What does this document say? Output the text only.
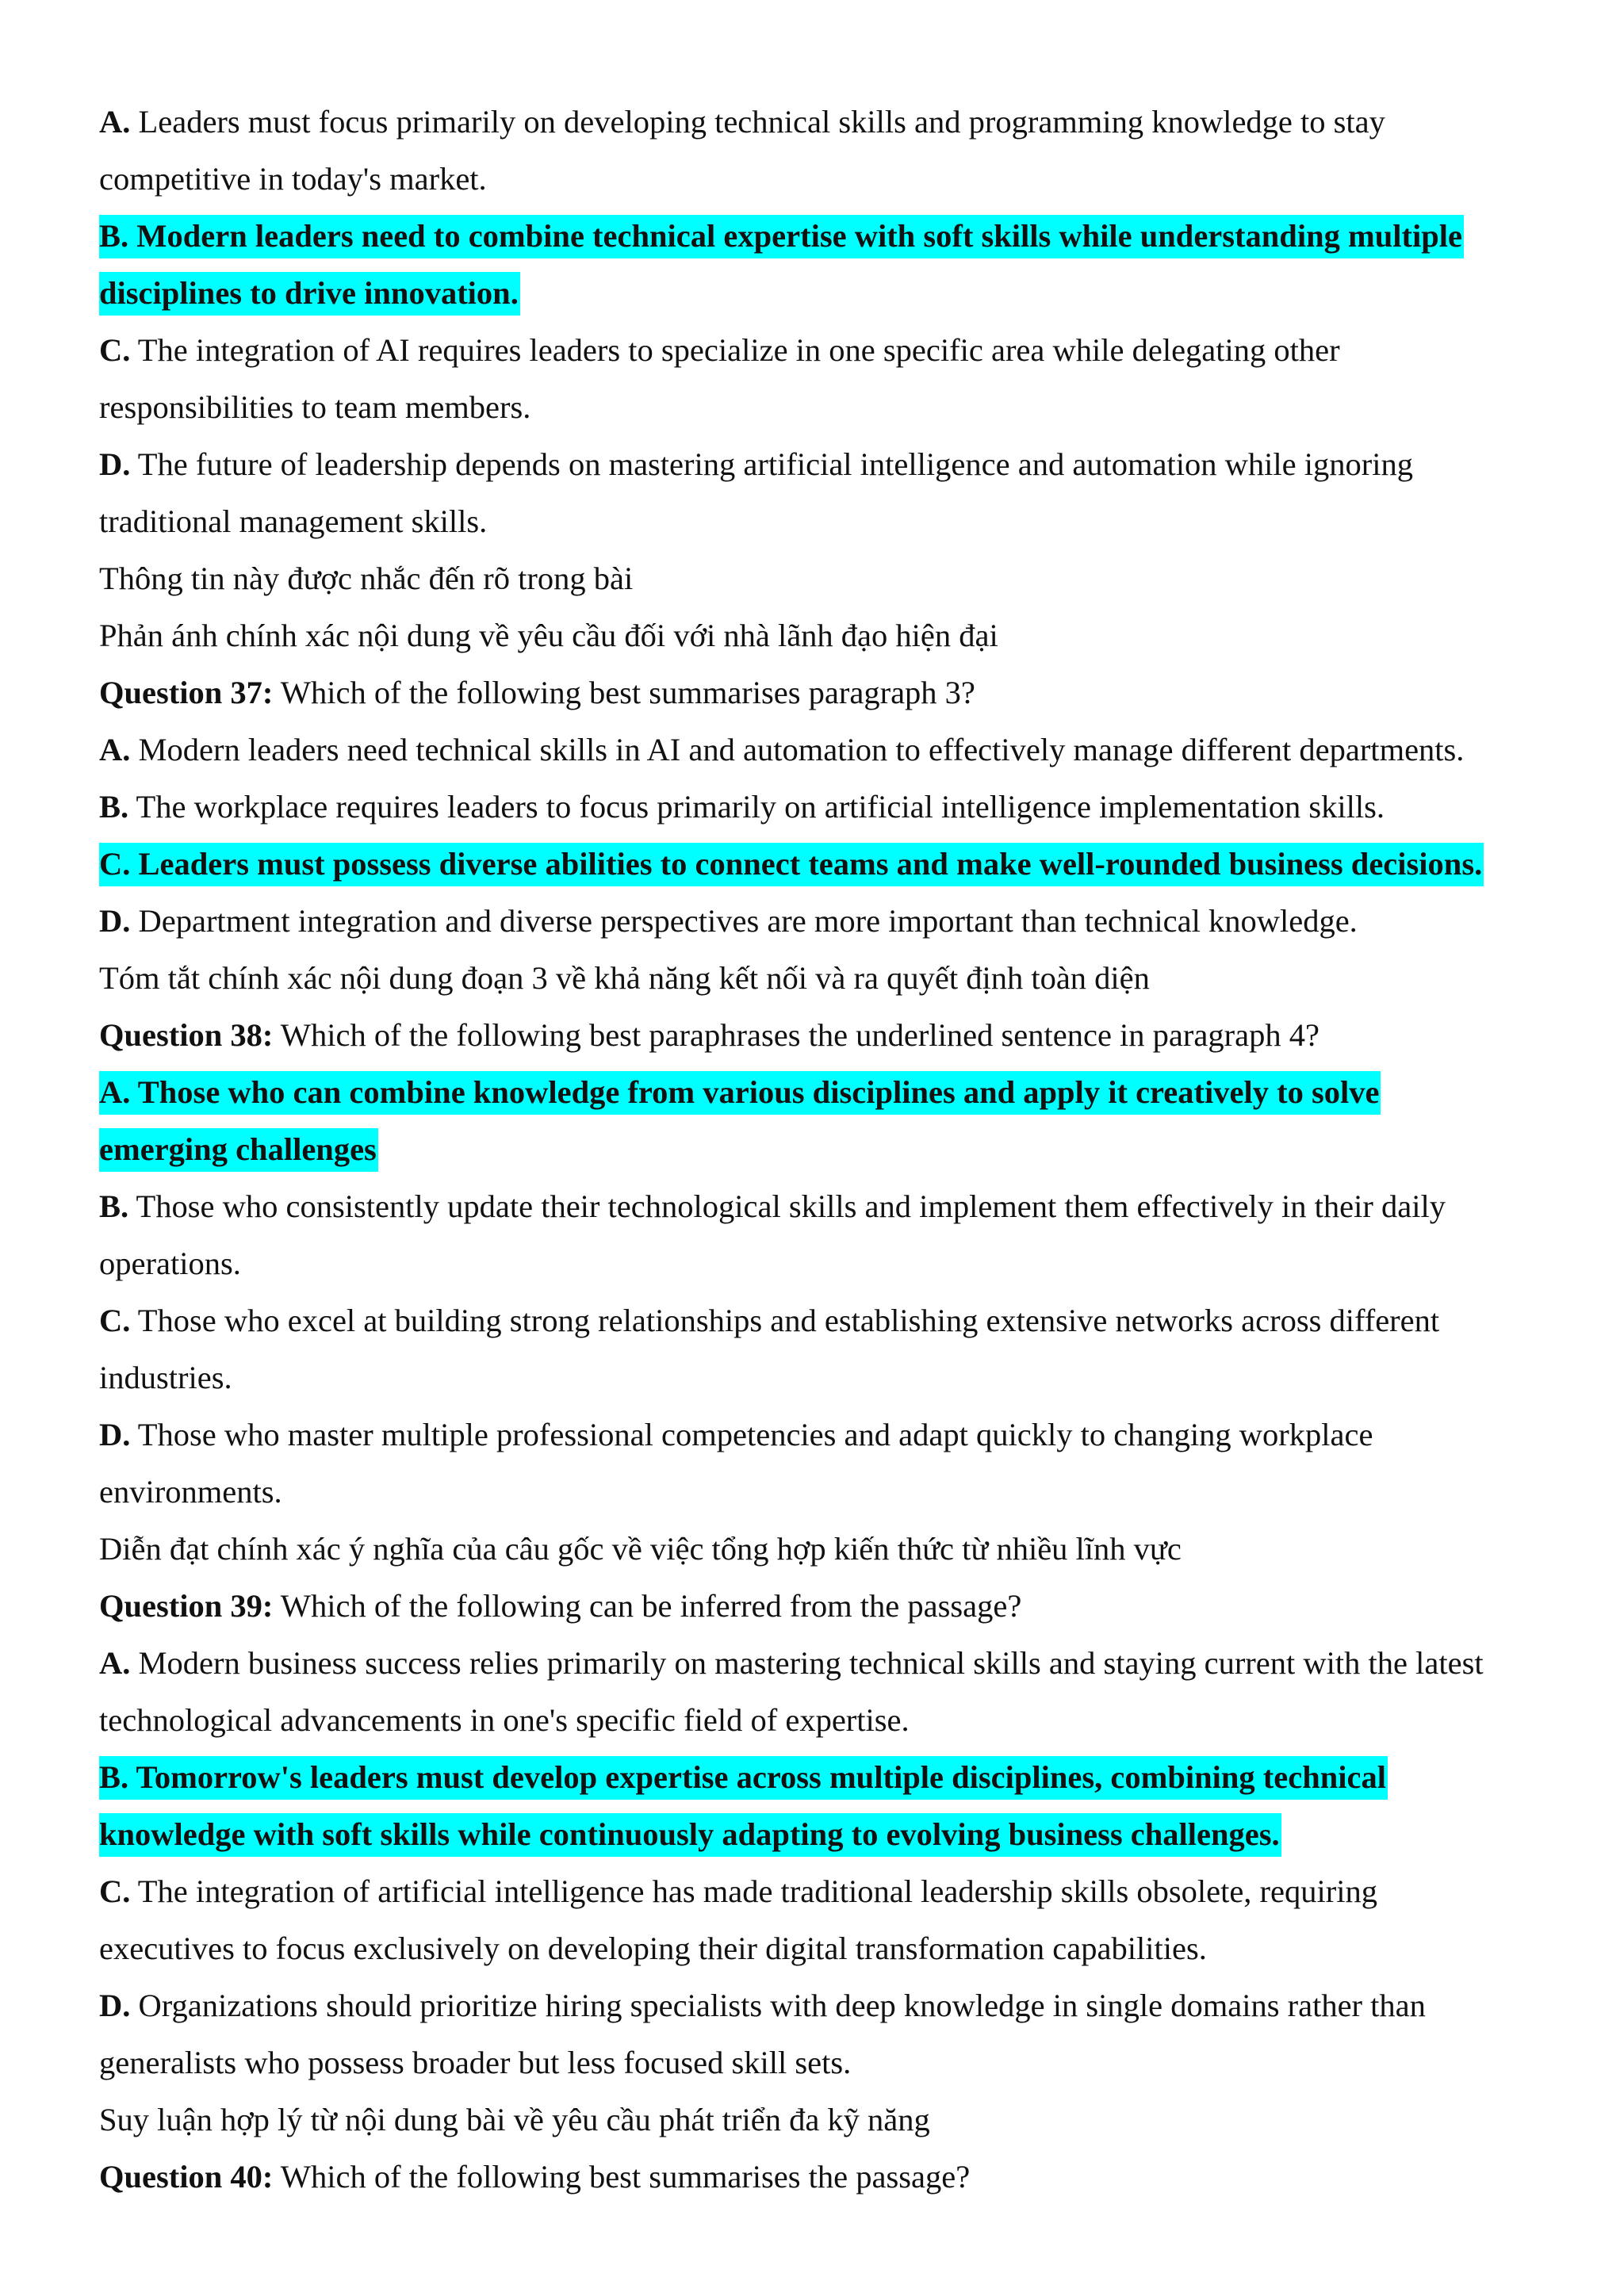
A. Leaders must focus primarily on developing technical skills and programming knowledge to stay
competitive in today's market.
B. Modern leaders need to combine technical expertise with soft skills while understanding multiple
disciplines to drive innovation.
C. The integration of AI requires leaders to specialize in one specific area while delegating other
responsibilities to team members.
D. The future of leadership depends on mastering artificial intelligence and automation while ignoring
traditional management skills.
Thông tin này được nhắc đến rõ trong bài
Phản ánh chính xác nội dung về yêu cầu đối với nhà lãnh đạo hiện đại
Question 37: Which of the following best summarises paragraph 3?
A. Modern leaders need technical skills in AI and automation to effectively manage different departments.
B. The workplace requires leaders to focus primarily on artificial intelligence implementation skills.
C. Leaders must possess diverse abilities to connect teams and make well-rounded business decisions.
D. Department integration and diverse perspectives are more important than technical knowledge.
Tóm tắt chính xác nội dung đoạn 3 về khả năng kết nối và ra quyết định toàn diện
Question 38: Which of the following best paraphrases the underlined sentence in paragraph 4?
A. Those who can combine knowledge from various disciplines and apply it creatively to solve
emerging challenges
B. Those who consistently update their technological skills and implement them effectively in their daily
operations.
C. Those who excel at building strong relationships and establishing extensive networks across different
industries.
D. Those who master multiple professional competencies and adapt quickly to changing workplace
environments.
Diễn đạt chính xác ý nghĩa của câu gốc về việc tổng hợp kiến thức từ nhiều lĩnh vực
Question 39: Which of the following can be inferred from the passage?
A. Modern business success relies primarily on mastering technical skills and staying current with the latest
technological advancements in one's specific field of expertise.
B. Tomorrow's leaders must develop expertise across multiple disciplines, combining technical
knowledge with soft skills while continuously adapting to evolving business challenges.
C. The integration of artificial intelligence has made traditional leadership skills obsolete, requiring
executives to focus exclusively on developing their digital transformation capabilities.
D. Organizations should prioritize hiring specialists with deep knowledge in single domains rather than
generalists who possess broader but less focused skill sets.
Suy luận hợp lý từ nội dung bài về yêu cầu phát triển đa kỹ năng
Question 40: Which of the following best summarises the passage?
